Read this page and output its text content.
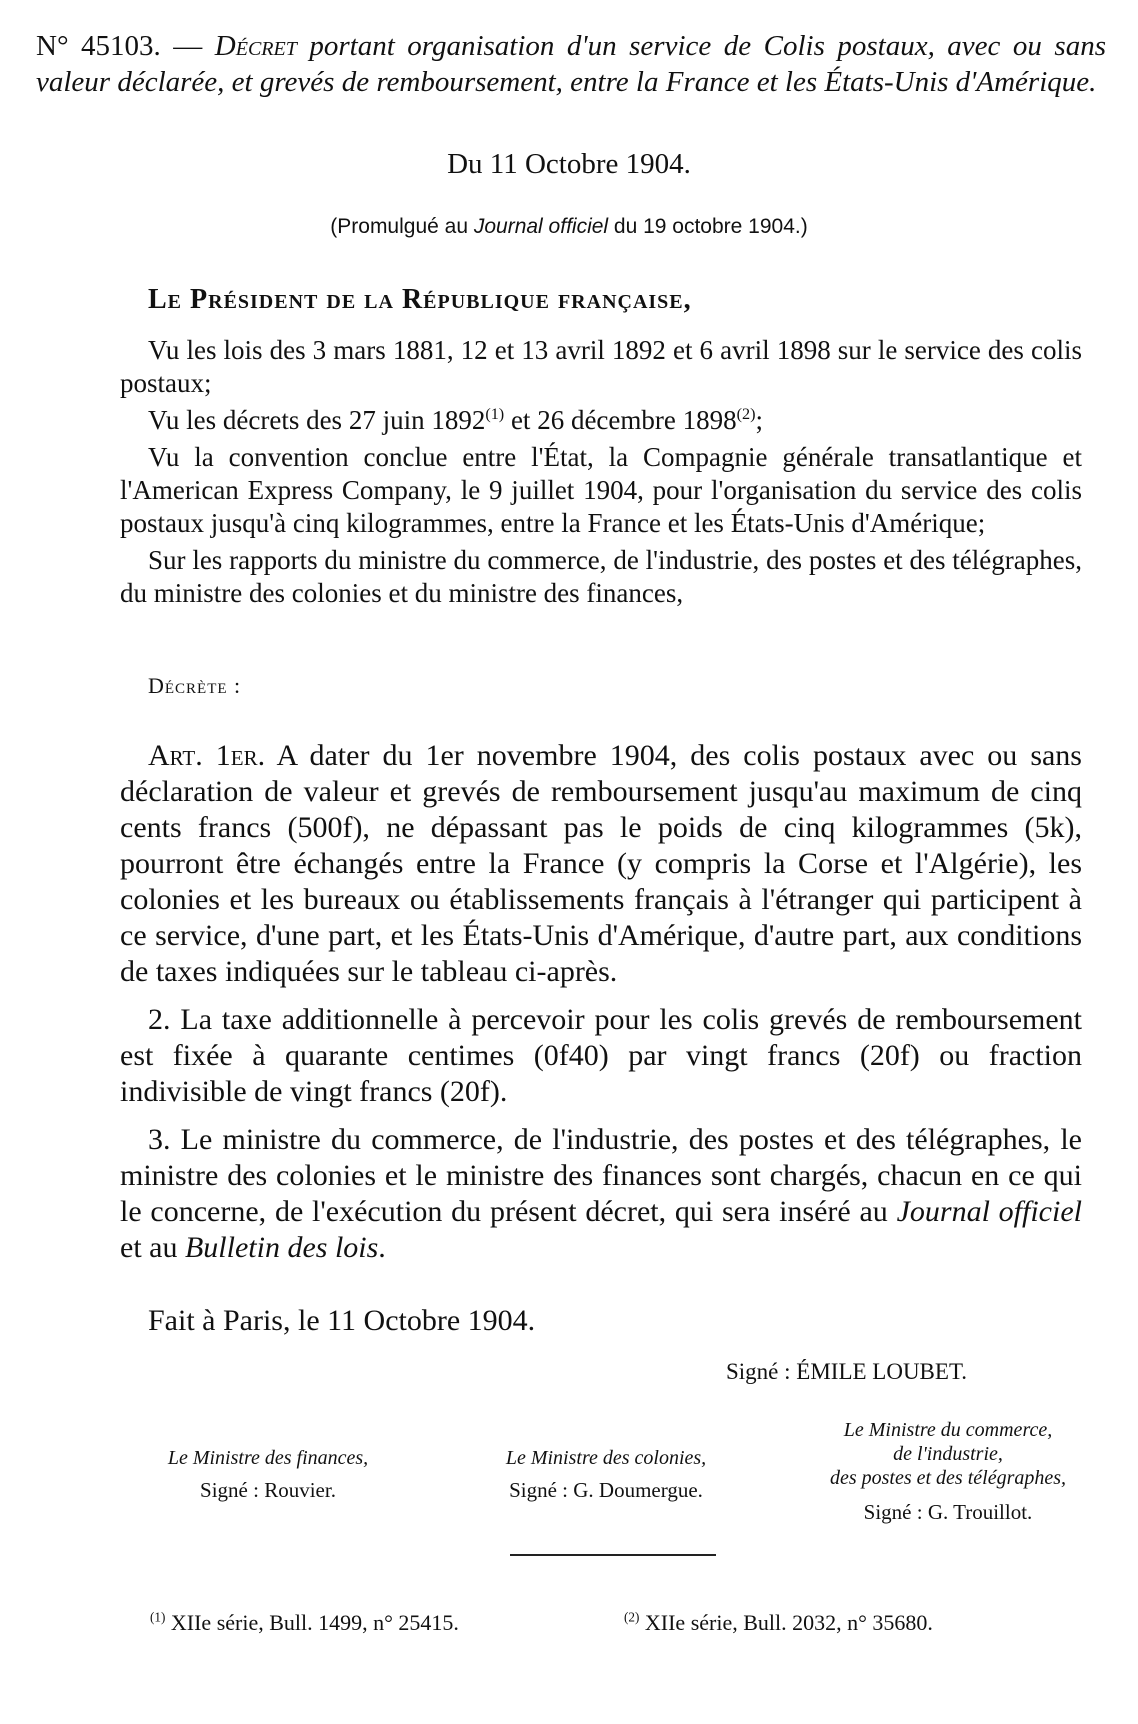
N° 45103. — Décret portant organisation d'un service de Colis postaux, avec ou sans valeur déclarée, et grevés de remboursement, entre la France et les États-Unis d'Amérique.
Du 11 Octobre 1904.
(Promulgué au Journal officiel du 19 octobre 1904.)
Le Président de la République française,

Vu les lois des 3 mars 1881, 12 et 13 avril 1892 et 6 avril 1898 sur le service des colis postaux;

Vu les décrets des 27 juin 1892$^{(1)}$ et 26 décembre 1898$^{(2)}$;

Vu la convention conclue entre l'État, la Compagnie générale transatlantique et l'American Express Company, le 9 juillet 1904, pour l'organisation du service des colis postaux jusqu'à cinq kilogrammes, entre la France et les États-Unis d'Amérique;

Sur les rapports du ministre du commerce, de l'industrie, des postes et des télégraphes, du ministre des colonies et du ministre des finances,

Décrète :

Art. 1er. A dater du 1er novembre 1904, des colis postaux avec ou sans déclaration de valeur et grevés de remboursement jusqu'au maximum de cinq cents francs (500f), ne dépassant pas le poids de cinq kilogrammes (5k), pourront être échangés entre la France (y compris la Corse et l'Algérie), les colonies et les bureaux ou établissements français à l'étranger qui participent à ce service, d'une part, et les États-Unis d'Amérique, d'autre part, aux conditions de taxes indiquées sur le tableau ci-après.

2. La taxe additionnelle à percevoir pour les colis grevés de remboursement est fixée à quarante centimes (0f40) par vingt francs (20f) ou fraction indivisible de vingt francs (20f).

3. Le ministre du commerce, de l'industrie, des postes et des télégraphes, le ministre des colonies et le ministre des finances sont chargés, chacun en ce qui le concerne, de l'exécution du présent décret, qui sera inséré au Journal officiel et au Bulletin des lois.

Fait à Paris, le 11 Octobre 1904.
Signé : ÉMILE LOUBET.
Le Ministre des finances,
Signé : Rouvier.
Le Ministre des colonies,
Signé : G. Doumergue.
Le Ministre du commerce,
de l'industrie,
des postes et des télégraphes,
Signé : G. Trouillot.
$^{(1)}$ XIIe série, Bull. 1499, n° 25415.	$^{(2)}$ XIIe série, Bull. 2032, n° 35680.
